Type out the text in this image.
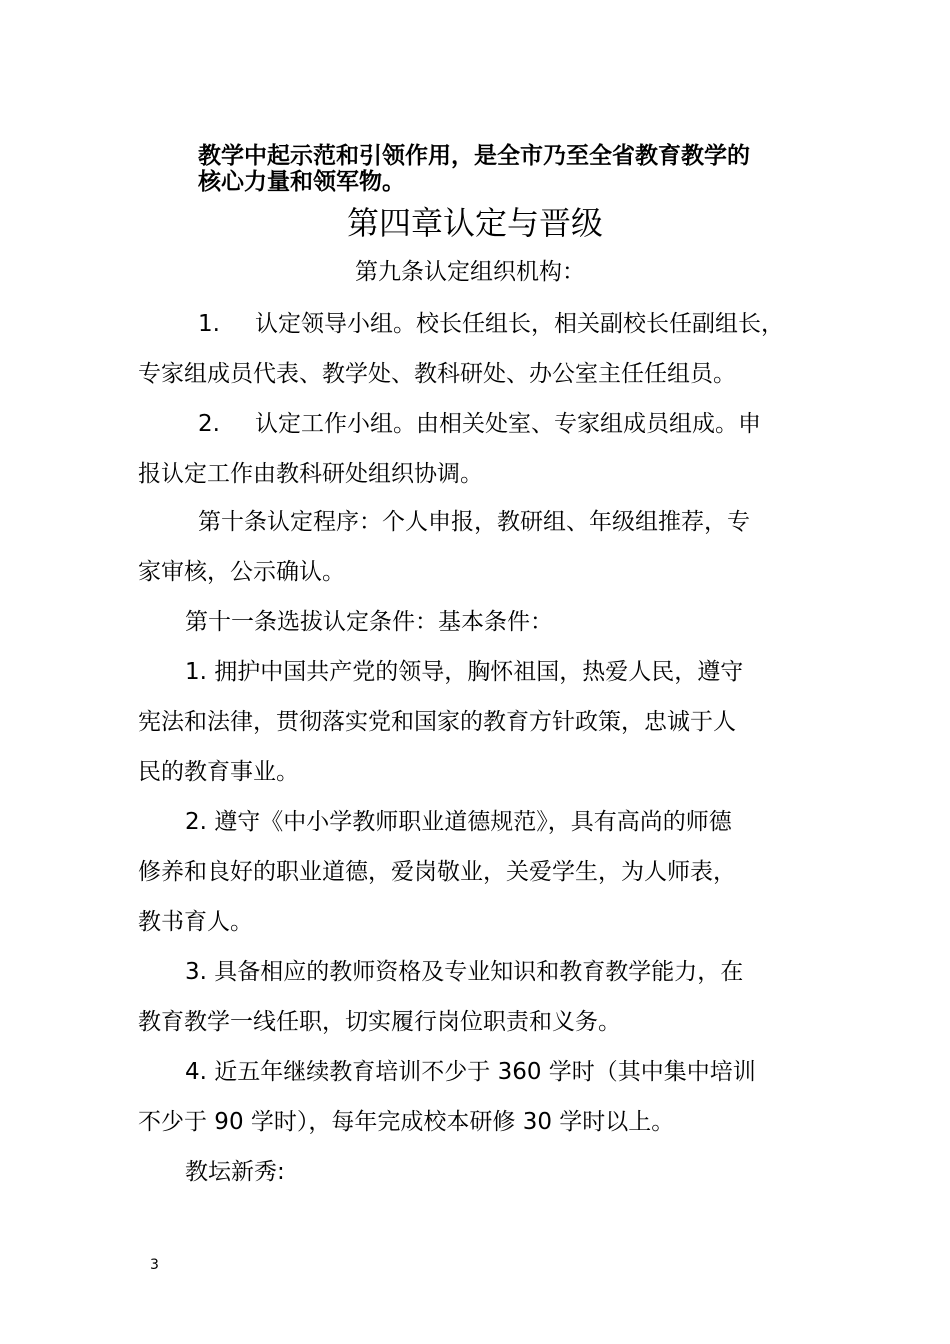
教学中起示范和引领作用，是全市乃至全省教育教学的
核心力量和领军物。
第四章认定与晋级
第九条认定组织机构：
1. 认定领导小组。校长任组长，相关副校长任副组长，
专家组成员代表、教学处、教科研处、办公室主任任组员。
2. 认定工作小组。由相关处室、专家组成员组成。申
报认定工作由教科研处组织协调。
第十条认定程序：个人申报，教研组、年级组推荐，专
家审核，公示确认。
第十一条选拔认定条件：基本条件：
1. 拥护中国共产党的领导，胸怀祖国，热爱人民，遵守
宪法和法律，贯彻落实党和国家的教育方针政策，忠诚于人
民的教育事业。
2. 遵守《中小学教师职业道德规范》，具有高尚的师德
修养和良好的职业道德，爱岗敬业，关爱学生，为人师表，
教书育人。
3. 具备相应的教师资格及专业知识和教育教学能力，在
教育教学一线任职，切实履行岗位职责和义务。
4. 近五年继续教育培训不少于 360 学时（其中集中培训
不少于 90 学时），每年完成校本研修 30 学时以上。
教坛新秀:
3
